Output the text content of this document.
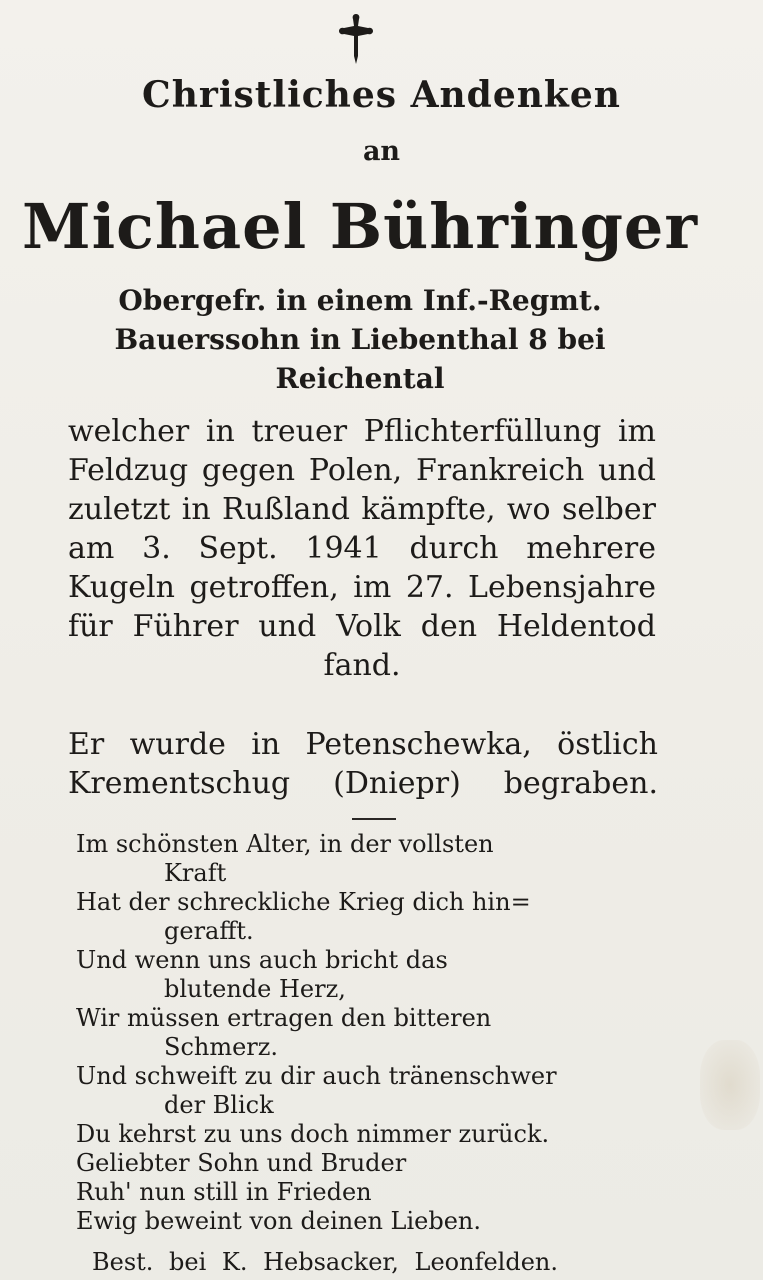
Christliches Andenken
an
Michael Bühringer
Obergefr. in einem Inf.-Regmt.
Bauerssohn in Liebenthal 8 bei
Reichental

welcher in treuer Pflichterfüllung im Feldzug gegen Polen, Frankreich und zuletzt in Rußland kämpfte, wo selber am 3. Sept. 1941 durch mehrere Kugeln getroffen, im 27. Lebensjahre für Führer und Volk den Heldentod fand.

Er wurde in Petenschewka, östlich Krementschug (Dniepr) begraben.
Im schönsten Alter, in der vollsten
Kraft
Hat der schreckliche Krieg dich hin=
gerafft.
Und wenn uns auch bricht das
blutende Herz,
Wir müssen ertragen den bitteren
Schmerz.
Und schweift zu dir auch tränenschwer
der Blick
Du kehrst zu uns doch nimmer zurück.
Geliebter Sohn und Bruder
Ruh' nun still in Frieden
Ewig beweint von deinen Lieben.
Best. bei K. Hebsacker, Leonfelden.
